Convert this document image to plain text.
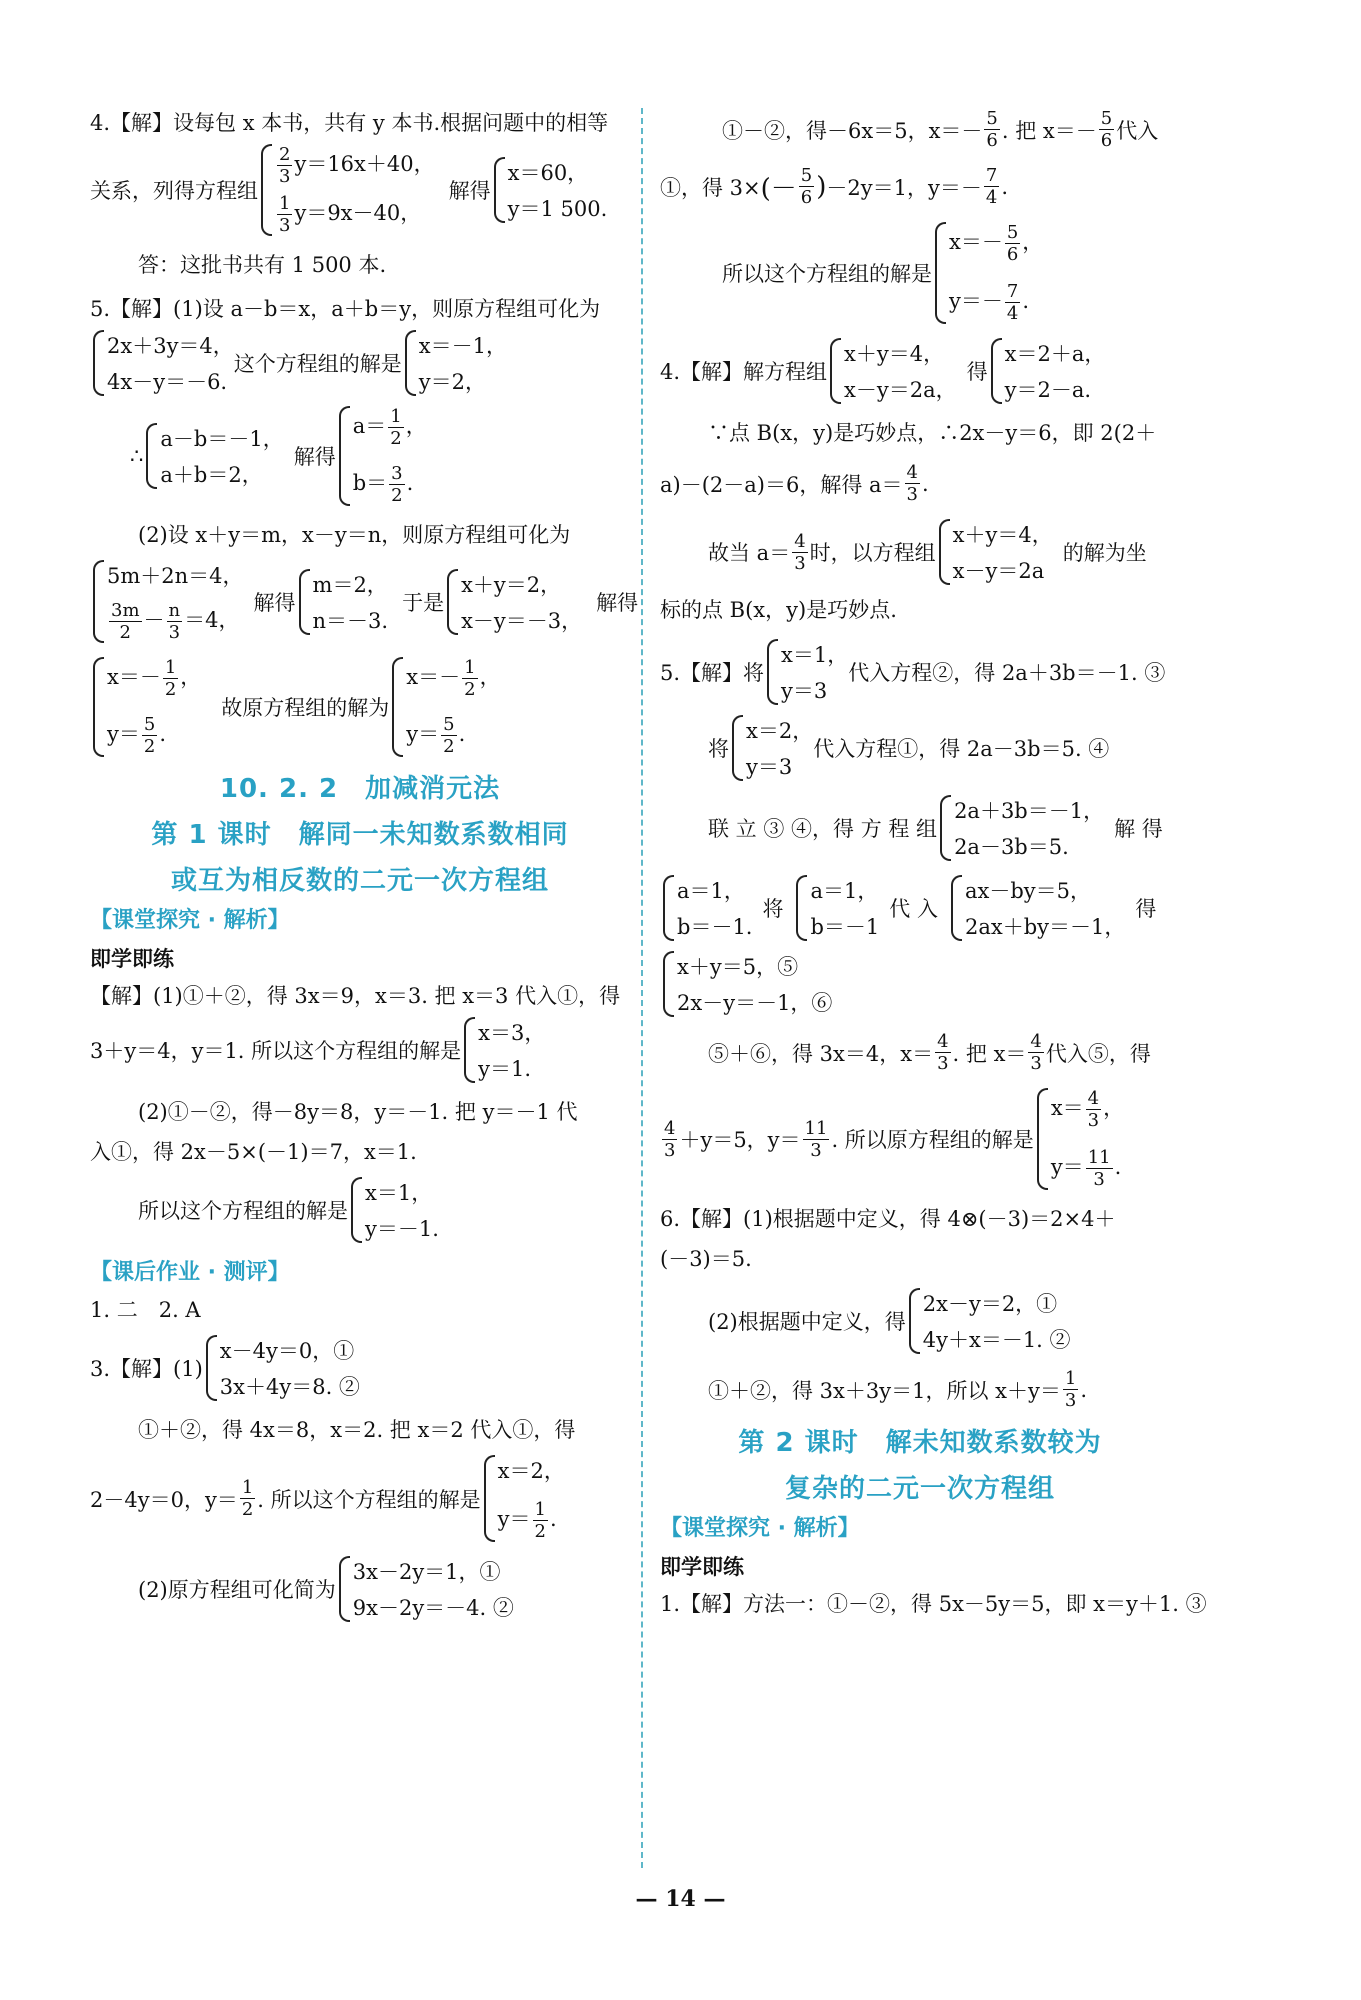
4.【解】设每包 x 本书，共有 y 本书.根据问题中的相等
关系，列得方程组
$\frac{2}{3} y=16x+40$，
$\frac{1}{3} y=9x-40$，
解得
x＝60，
y＝1 500.
答：这批书共有 1 500 本.
5.【解】(1)设 a－b＝x，a＋b＝y，则原方程组可化为
2x＋3y＝4，
4x－y＝－6.
这个方程组的解是
x＝－1，
y＝2，
∴
a－b＝－1，
a＋b＝2，
解得
$a= \frac{1}{2}$ ，
$b= \frac{3}{2}$ .
(2)设 x＋y＝m，x－y＝n，则原方程组可化为
5m＋2n＝4，
$\frac{3m}{2} - \frac{n}{3} =4$，
解得
m＝2，
n＝－3.
于是
x＋y＝2，
x－y＝－3，
解得
$x=- \frac{1}{2}$ ，
$y= \frac{5}{2}$ .
故原方程组的解为
$x=- \frac{1}{2}$ ，
$y= \frac{5}{2}$ .
10. 2. 2　加减消元法
第 1 课时　解同一未知数系数相同
或互为相反数的二元一次方程组
【课堂探究 · 解析】
即学即练
【解】(1)①＋②，得 3x＝9，x＝3. 把 x＝3 代入①，得
3＋y＝4，y＝1. 所以这个方程组的解是
x＝3，
y＝1.
(2)①－②，得－8y＝8，y＝－1. 把 y＝－1 代
入①，得 2x－5×(－1)＝7，x＝1.
所以这个方程组的解是
x＝1，
y＝－1.
【课后作业 · 测评】
1. 二　2. A
3.【解】(1)
x－4y＝0，①
3x＋4y＝8. ②
①＋②，得 4x＝8，x＝2. 把 x＝2 代入①，得
2－4y＝0，$y= \frac{1}{2}$ . 所以这个方程组的解是
x＝2，
$y= \frac{1}{2}$ .
(2)原方程组可化简为
3x－2y＝1，①
9x－2y＝－4. ②
①－②，得－6x＝5，$x=- \frac{5}{6}$ . 把 $x=- \frac{5}{6}$ 代入
①，得 3× (－ $\frac{5}{6}$ ) －2y＝1，$y=- \frac{7}{4}$ .
所以这个方程组的解是
$x=- \frac{5}{6}$ ，
$y=- \frac{7}{4}$ .
4.【解】解方程组
x＋y＝4，
x－y＝2a，
得
x＝2＋a，
y＝2－a.
∵点 B(x，y)是巧妙点，∴2x－y＝6，即 2(2＋
a)－(2－a)＝6，解得 $a= \frac{4}{3}$ .
故当 $a= \frac{4}{3}$ 时，以方程组
x＋y＝4，
x－y＝2a
的解为坐
标的点 B(x，y)是巧妙点.
5.【解】将
x＝1，
y＝3
代入方程②，得 2a＋3b＝－1. ③
将
x＝2，
y＝3
代入方程①，得 2a－3b＝5. ④
联 立 ③ ④，得 方 程 组
2a＋3b＝－1，
2a－3b＝5.
解 得
a＝1，
b＝－1.
将
a＝1，
b＝－1
代 入
ax－by＝5，
2ax＋by＝－1，
得
x＋y＝5，⑤
2x－y＝－1，⑥
⑤＋⑥，得 3x＝4，$x= \frac{4}{3}$ . 把 $x= \frac{4}{3}$ 代入⑤，得
$\frac{4}{3} +y=5$，$y= \frac{11}{3}$ . 所以原方程组的解是
$x= \frac{4}{3}$ ，
$y= \frac{11}{3}$ .
6.【解】(1)根据题中定义，得 4⊗(－3)＝2×4＋
(－3)＝5.
(2)根据题中定义，得
2x－y＝2，①
4y＋x＝－1. ②
①＋②，得 3x＋3y＝1，所以 $x+y= \frac{1}{3}$ .
第 2 课时　解未知数系数较为
复杂的二元一次方程组
【课堂探究 · 解析】
即学即练
1.【解】方法一：①－②，得 5x－5y＝5，即 x＝y＋1. ③
— 14 —
